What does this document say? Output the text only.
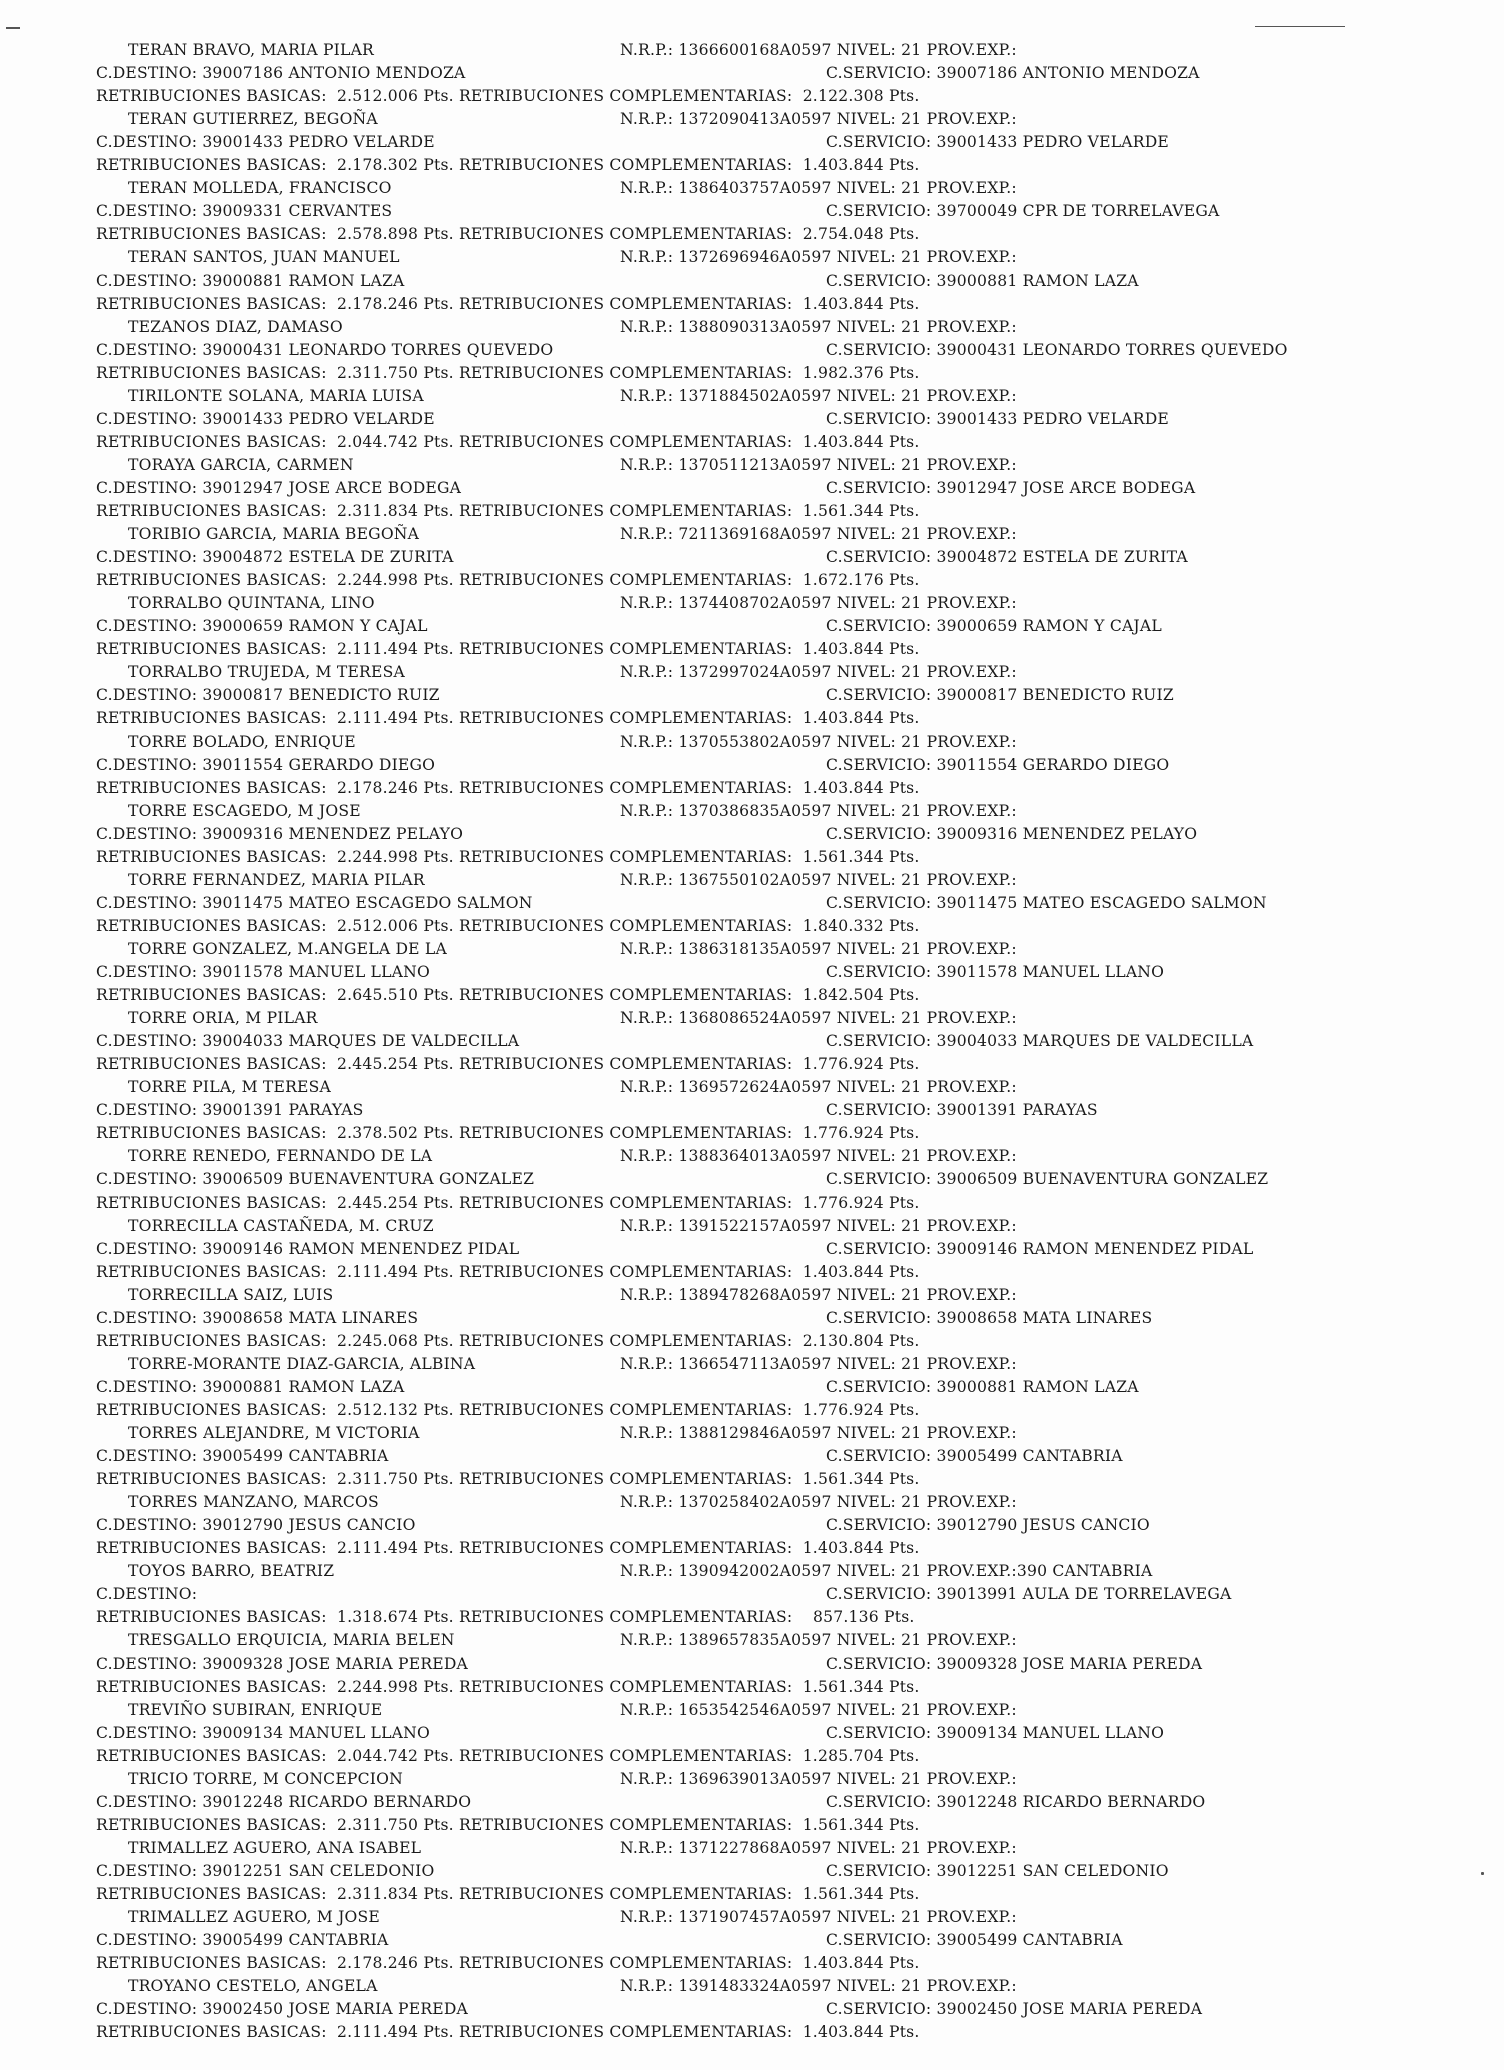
TERAN BRAVO, MARIA PILAR	N.R.P.: 1366600168A0597 NIVEL: 21 PROV.EXP.:
C.DESTINO: 39007186 ANTONIO MENDOZA	C.SERVICIO: 39007186 ANTONIO MENDOZA
RETRIBUCIONES BASICAS:  2.512.006 Pts. RETRIBUCIONES COMPLEMENTARIAS:  2.122.308 Pts.
TERAN GUTIERREZ, BEGOÑA	N.R.P.: 1372090413A0597 NIVEL: 21 PROV.EXP.:
C.DESTINO: 39001433 PEDRO VELARDE	C.SERVICIO: 39001433 PEDRO VELARDE
RETRIBUCIONES BASICAS:  2.178.302 Pts. RETRIBUCIONES COMPLEMENTARIAS:  1.403.844 Pts.
TERAN MOLLEDA, FRANCISCO	N.R.P.: 1386403757A0597 NIVEL: 21 PROV.EXP.:
C.DESTINO: 39009331 CERVANTES	C.SERVICIO: 39700049 CPR DE TORRELAVEGA
RETRIBUCIONES BASICAS:  2.578.898 Pts. RETRIBUCIONES COMPLEMENTARIAS:  2.754.048 Pts.
TERAN SANTOS, JUAN MANUEL	N.R.P.: 1372696946A0597 NIVEL: 21 PROV.EXP.:
C.DESTINO: 39000881 RAMON LAZA	C.SERVICIO: 39000881 RAMON LAZA
RETRIBUCIONES BASICAS:  2.178.246 Pts. RETRIBUCIONES COMPLEMENTARIAS:  1.403.844 Pts.
TEZANOS DIAZ, DAMASO	N.R.P.: 1388090313A0597 NIVEL: 21 PROV.EXP.:
C.DESTINO: 39000431 LEONARDO TORRES QUEVEDO	C.SERVICIO: 39000431 LEONARDO TORRES QUEVEDO
RETRIBUCIONES BASICAS:  2.311.750 Pts. RETRIBUCIONES COMPLEMENTARIAS:  1.982.376 Pts.
TIRILONTE SOLANA, MARIA LUISA	N.R.P.: 1371884502A0597 NIVEL: 21 PROV.EXP.:
C.DESTINO: 39001433 PEDRO VELARDE	C.SERVICIO: 39001433 PEDRO VELARDE
RETRIBUCIONES BASICAS:  2.044.742 Pts. RETRIBUCIONES COMPLEMENTARIAS:  1.403.844 Pts.
TORAYA GARCIA, CARMEN	N.R.P.: 1370511213A0597 NIVEL: 21 PROV.EXP.:
C.DESTINO: 39012947 JOSE ARCE BODEGA	C.SERVICIO: 39012947 JOSE ARCE BODEGA
RETRIBUCIONES BASICAS:  2.311.834 Pts. RETRIBUCIONES COMPLEMENTARIAS:  1.561.344 Pts.
TORIBIO GARCIA, MARIA BEGOÑA	N.R.P.: 7211369168A0597 NIVEL: 21 PROV.EXP.:
C.DESTINO: 39004872 ESTELA DE ZURITA	C.SERVICIO: 39004872 ESTELA DE ZURITA
RETRIBUCIONES BASICAS:  2.244.998 Pts. RETRIBUCIONES COMPLEMENTARIAS:  1.672.176 Pts.
TORRALBO QUINTANA, LINO	N.R.P.: 1374408702A0597 NIVEL: 21 PROV.EXP.:
C.DESTINO: 39000659 RAMON Y CAJAL	C.SERVICIO: 39000659 RAMON Y CAJAL
RETRIBUCIONES BASICAS:  2.111.494 Pts. RETRIBUCIONES COMPLEMENTARIAS:  1.403.844 Pts.
TORRALBO TRUJEDA, M TERESA	N.R.P.: 1372997024A0597 NIVEL: 21 PROV.EXP.:
C.DESTINO: 39000817 BENEDICTO RUIZ	C.SERVICIO: 39000817 BENEDICTO RUIZ
RETRIBUCIONES BASICAS:  2.111.494 Pts. RETRIBUCIONES COMPLEMENTARIAS:  1.403.844 Pts.
TORRE BOLADO, ENRIQUE	N.R.P.: 1370553802A0597 NIVEL: 21 PROV.EXP.:
C.DESTINO: 39011554 GERARDO DIEGO	C.SERVICIO: 39011554 GERARDO DIEGO
RETRIBUCIONES BASICAS:  2.178.246 Pts. RETRIBUCIONES COMPLEMENTARIAS:  1.403.844 Pts.
TORRE ESCAGEDO, M JOSE	N.R.P.: 1370386835A0597 NIVEL: 21 PROV.EXP.:
C.DESTINO: 39009316 MENENDEZ PELAYO	C.SERVICIO: 39009316 MENENDEZ PELAYO
RETRIBUCIONES BASICAS:  2.244.998 Pts. RETRIBUCIONES COMPLEMENTARIAS:  1.561.344 Pts.
TORRE FERNANDEZ, MARIA PILAR	N.R.P.: 1367550102A0597 NIVEL: 21 PROV.EXP.:
C.DESTINO: 39011475 MATEO ESCAGEDO SALMON	C.SERVICIO: 39011475 MATEO ESCAGEDO SALMON
RETRIBUCIONES BASICAS:  2.512.006 Pts. RETRIBUCIONES COMPLEMENTARIAS:  1.840.332 Pts.
TORRE GONZALEZ, M.ANGELA DE LA	N.R.P.: 1386318135A0597 NIVEL: 21 PROV.EXP.:
C.DESTINO: 39011578 MANUEL LLANO	C.SERVICIO: 39011578 MANUEL LLANO
RETRIBUCIONES BASICAS:  2.645.510 Pts. RETRIBUCIONES COMPLEMENTARIAS:  1.842.504 Pts.
TORRE ORIA, M PILAR	N.R.P.: 1368086524A0597 NIVEL: 21 PROV.EXP.:
C.DESTINO: 39004033 MARQUES DE VALDECILLA	C.SERVICIO: 39004033 MARQUES DE VALDECILLA
RETRIBUCIONES BASICAS:  2.445.254 Pts. RETRIBUCIONES COMPLEMENTARIAS:  1.776.924 Pts.
TORRE PILA, M TERESA	N.R.P.: 1369572624A0597 NIVEL: 21 PROV.EXP.:
C.DESTINO: 39001391 PARAYAS	C.SERVICIO: 39001391 PARAYAS
RETRIBUCIONES BASICAS:  2.378.502 Pts. RETRIBUCIONES COMPLEMENTARIAS:  1.776.924 Pts.
TORRE RENEDO, FERNANDO DE LA	N.R.P.: 1388364013A0597 NIVEL: 21 PROV.EXP.:
C.DESTINO: 39006509 BUENAVENTURA GONZALEZ	C.SERVICIO: 39006509 BUENAVENTURA GONZALEZ
RETRIBUCIONES BASICAS:  2.445.254 Pts. RETRIBUCIONES COMPLEMENTARIAS:  1.776.924 Pts.
TORRECILLA CASTAÑEDA, M. CRUZ	N.R.P.: 1391522157A0597 NIVEL: 21 PROV.EXP.:
C.DESTINO: 39009146 RAMON MENENDEZ PIDAL	C.SERVICIO: 39009146 RAMON MENENDEZ PIDAL
RETRIBUCIONES BASICAS:  2.111.494 Pts. RETRIBUCIONES COMPLEMENTARIAS:  1.403.844 Pts.
TORRECILLA SAIZ, LUIS	N.R.P.: 1389478268A0597 NIVEL: 21 PROV.EXP.:
C.DESTINO: 39008658 MATA LINARES	C.SERVICIO: 39008658 MATA LINARES
RETRIBUCIONES BASICAS:  2.245.068 Pts. RETRIBUCIONES COMPLEMENTARIAS:  2.130.804 Pts.
TORRE-MORANTE DIAZ-GARCIA, ALBINA	N.R.P.: 1366547113A0597 NIVEL: 21 PROV.EXP.:
C.DESTINO: 39000881 RAMON LAZA	C.SERVICIO: 39000881 RAMON LAZA
RETRIBUCIONES BASICAS:  2.512.132 Pts. RETRIBUCIONES COMPLEMENTARIAS:  1.776.924 Pts.
TORRES ALEJANDRE, M VICTORIA	N.R.P.: 1388129846A0597 NIVEL: 21 PROV.EXP.:
C.DESTINO: 39005499 CANTABRIA	C.SERVICIO: 39005499 CANTABRIA
RETRIBUCIONES BASICAS:  2.311.750 Pts. RETRIBUCIONES COMPLEMENTARIAS:  1.561.344 Pts.
TORRES MANZANO, MARCOS	N.R.P.: 1370258402A0597 NIVEL: 21 PROV.EXP.:
C.DESTINO: 39012790 JESUS CANCIO	C.SERVICIO: 39012790 JESUS CANCIO
RETRIBUCIONES BASICAS:  2.111.494 Pts. RETRIBUCIONES COMPLEMENTARIAS:  1.403.844 Pts.
TOYOS BARRO, BEATRIZ	N.R.P.: 1390942002A0597 NIVEL: 21 PROV.EXP.:390 CANTABRIA
C.DESTINO:	C.SERVICIO: 39013991 AULA DE TORRELAVEGA
RETRIBUCIONES BASICAS:  1.318.674 Pts. RETRIBUCIONES COMPLEMENTARIAS:    857.136 Pts.
TRESGALLO ERQUICIA, MARIA BELEN	N.R.P.: 1389657835A0597 NIVEL: 21 PROV.EXP.:
C.DESTINO: 39009328 JOSE MARIA PEREDA	C.SERVICIO: 39009328 JOSE MARIA PEREDA
RETRIBUCIONES BASICAS:  2.244.998 Pts. RETRIBUCIONES COMPLEMENTARIAS:  1.561.344 Pts.
TREVIÑO SUBIRAN, ENRIQUE	N.R.P.: 1653542546A0597 NIVEL: 21 PROV.EXP.:
C.DESTINO: 39009134 MANUEL LLANO	C.SERVICIO: 39009134 MANUEL LLANO
RETRIBUCIONES BASICAS:  2.044.742 Pts. RETRIBUCIONES COMPLEMENTARIAS:  1.285.704 Pts.
TRICIO TORRE, M CONCEPCION	N.R.P.: 1369639013A0597 NIVEL: 21 PROV.EXP.:
C.DESTINO: 39012248 RICARDO BERNARDO	C.SERVICIO: 39012248 RICARDO BERNARDO
RETRIBUCIONES BASICAS:  2.311.750 Pts. RETRIBUCIONES COMPLEMENTARIAS:  1.561.344 Pts.
TRIMALLEZ AGUERO, ANA ISABEL	N.R.P.: 1371227868A0597 NIVEL: 21 PROV.EXP.:
C.DESTINO: 39012251 SAN CELEDONIO	C.SERVICIO: 39012251 SAN CELEDONIO
RETRIBUCIONES BASICAS:  2.311.834 Pts. RETRIBUCIONES COMPLEMENTARIAS:  1.561.344 Pts.
TRIMALLEZ AGUERO, M JOSE	N.R.P.: 1371907457A0597 NIVEL: 21 PROV.EXP.:
C.DESTINO: 39005499 CANTABRIA	C.SERVICIO: 39005499 CANTABRIA
RETRIBUCIONES BASICAS:  2.178.246 Pts. RETRIBUCIONES COMPLEMENTARIAS:  1.403.844 Pts.
TROYANO CESTELO, ANGELA	N.R.P.: 1391483324A0597 NIVEL: 21 PROV.EXP.:
C.DESTINO: 39002450 JOSE MARIA PEREDA	C.SERVICIO: 39002450 JOSE MARIA PEREDA
RETRIBUCIONES BASICAS:  2.111.494 Pts. RETRIBUCIONES COMPLEMENTARIAS:  1.403.844 Pts.
